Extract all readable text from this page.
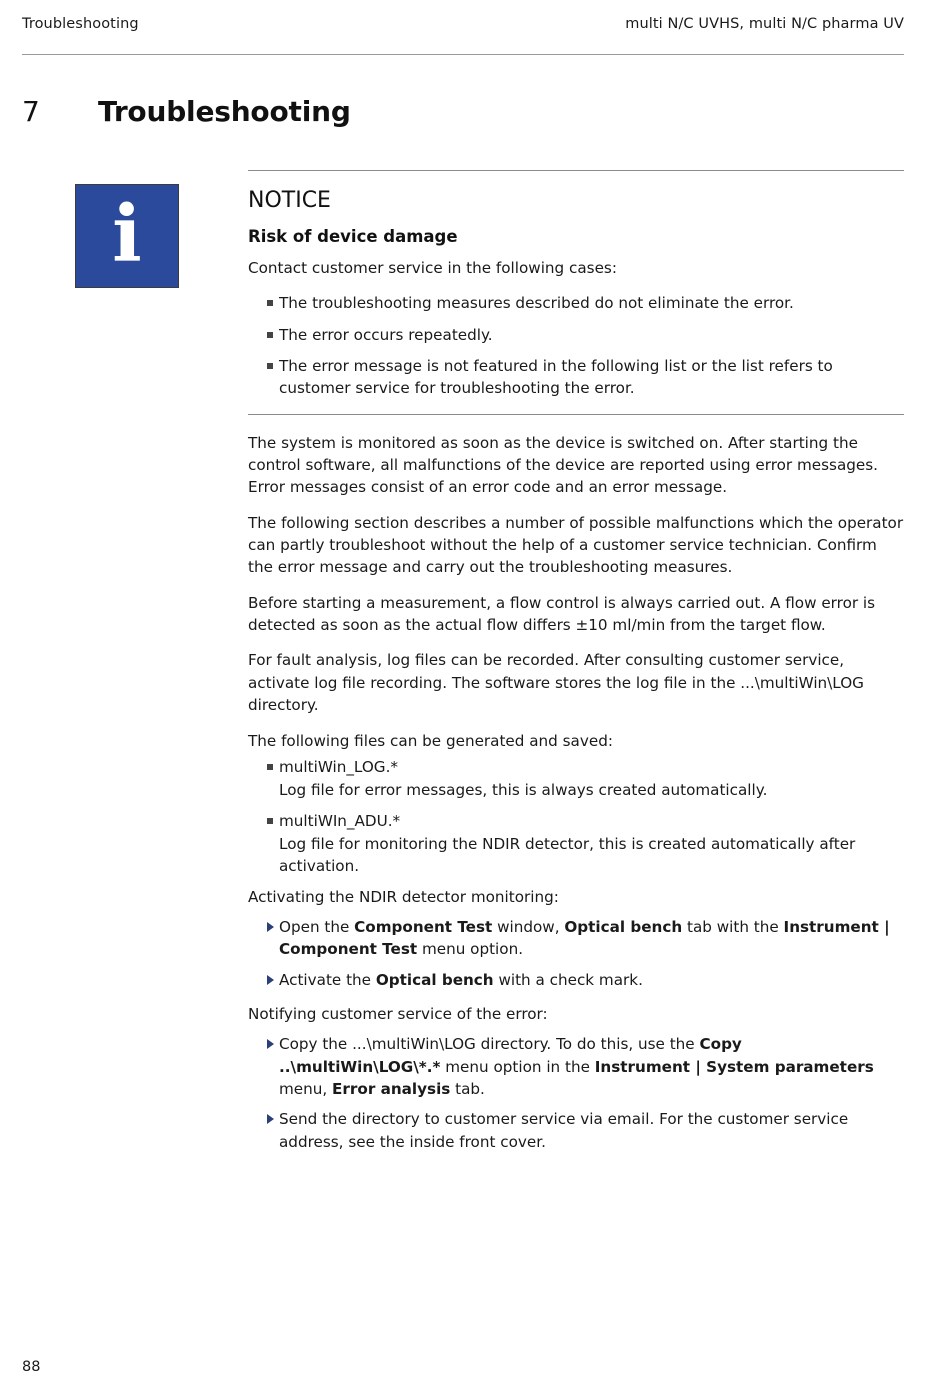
Troubleshooting	multi N/C UVHS, multi N/C pharma UV
7	Troubleshooting
i	NOTICE
Risk of device damage

Contact customer service in the following cases:

The troubleshooting measures described do not eliminate the error.
The error occurs repeatedly.
The error message is not featured in the following list or the list refers to customer service for troubleshooting the error.

The system is monitored as soon as the device is switched on. After starting the control software, all malfunctions of the device are reported using error messages. Error messages consist of an error code and an error message.

The following section describes a number of possible malfunctions which the operator can partly troubleshoot without the help of a customer service technician. Confirm the error message and carry out the troubleshooting measures.

Before starting a measurement, a flow control is always carried out. A flow error is detected as soon as the actual flow differs ±10 ml/min from the target flow.

For fault analysis, log files can be recorded. After consulting customer service, activate log file recording. The software stores the log file in the ...\multiWin\LOG directory.

The following files can be generated and saved:

multiWin_LOG.*
Log file for error messages, this is always created automatically.
multiWIn_ADU.*
Log file for monitoring the NDIR detector, this is created automatically after activation.

Activating the NDIR detector monitoring:

Open the Component Test window, Optical bench tab with the Instrument | Component Test menu option.
Activate the Optical bench with a check mark.

Notifying customer service of the error:

Copy the ...\multiWin\LOG directory. To do this, use the Copy ..\multiWin\LOG\*.* menu option in the Instrument | System parameters menu, Error analysis tab.
Send the directory to customer service via email. For the customer service address, see the inside front cover.
88
